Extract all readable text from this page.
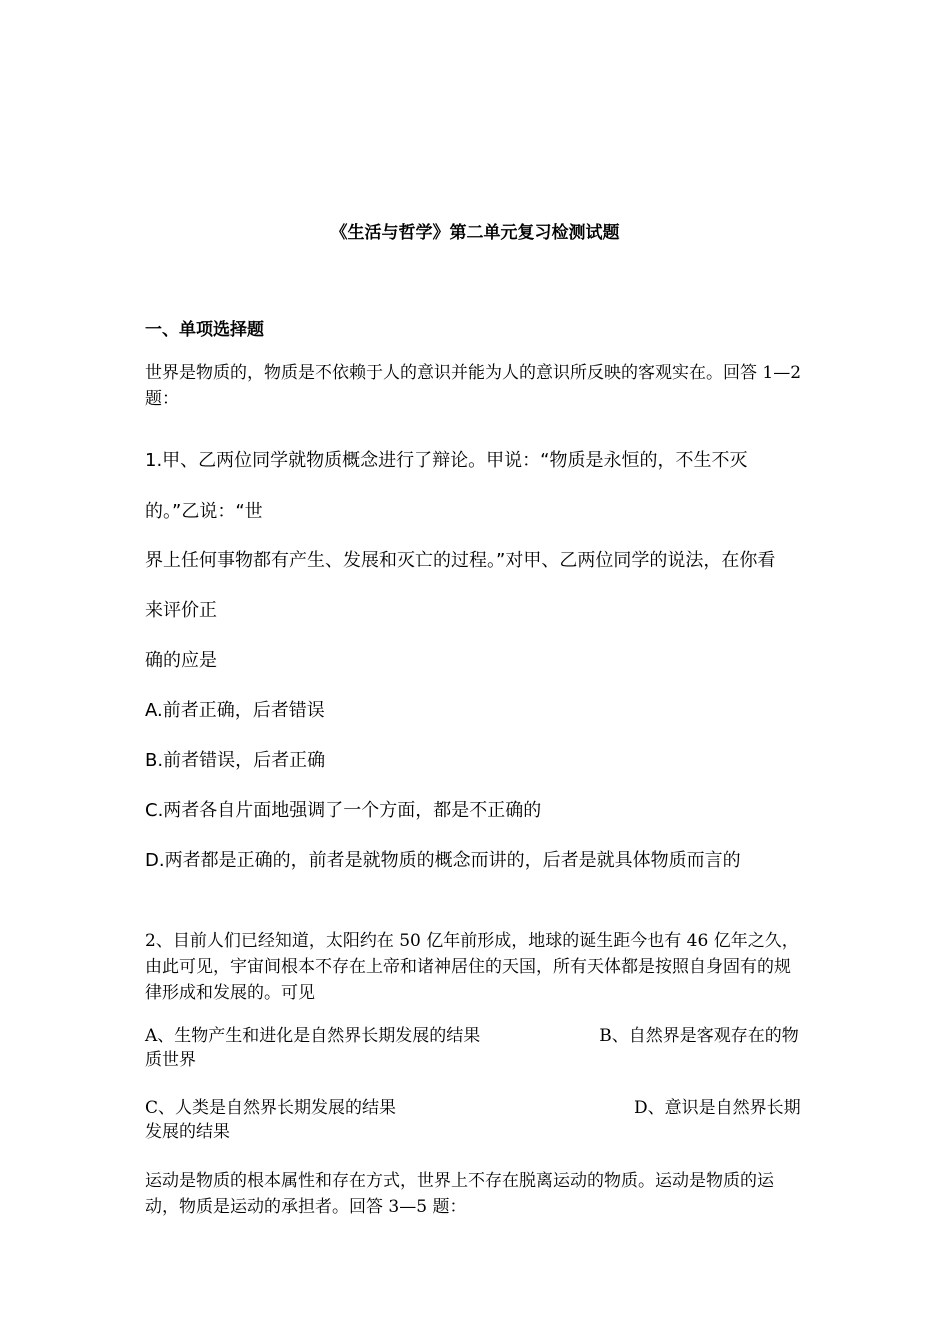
《生活与哲学》第二单元复习检测试题
一、单项选择题
世界是物质的，物质是不依赖于人的意识并能为人的意识所反映的客观实在。回答 1—2 题：
1.甲、乙两位同学就物质概念进行了辩论。甲说：“物质是永恒的，不生不灭
的。”乙说：“世
界上任何事物都有产生、发展和灭亡的过程。”对甲、乙两位同学的说法，在你看
来评价正
确的应是
A.前者正确，后者错误
B.前者错误，后者正确
C.两者各自片面地强调了一个方面，都是不正确的
D.两者都是正确的，前者是就物质的概念而讲的，后者是就具体物质而言的
2、目前人们已经知道，太阳约在 50 亿年前形成，地球的诞生距今也有 46 亿年之久，由此可见，宇宙间根本不存在上帝和诸神居住的天国，所有天体都是按照自身固有的规律形成和发展的。可见
A、生物产生和进化是自然界长期发展的结果　　　　　　　B、自然界是客观存在的物质世界
C、人类是自然界长期发展的结果　　　　　　　　　　　　　　D、意识是自然界长期发展的结果
运动是物质的根本属性和存在方式，世界上不存在脱离运动的物质。运动是物质的运动，物质是运动的承担者。回答 3—5 题：
